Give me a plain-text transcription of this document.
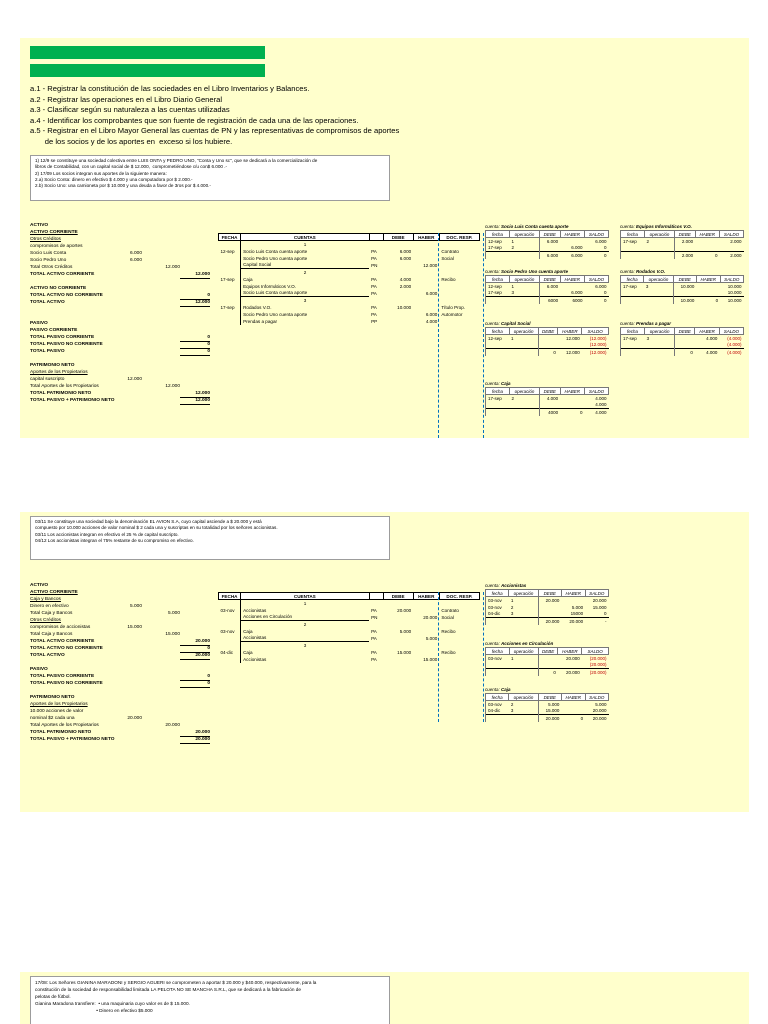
a.1 - Registrar la constitución de las sociedades en el Libro Inventarios y Balances.
a.2 - Registrar las operaciones en el Libro Diario General
a.3 - Clasificar según su naturaleza a las cuentas utilizadas
a.4 - Identificar los comprobantes que son fuente de registración de cada una de las operaciones.
a.5 - Registrar en el Libro Mayor General las cuentas de PN y las representativas de compromisos de aportes
de los socios y de los aportes en  exceso si los hubiere.
1) 12/9 se constituye una sociedad colectiva entre LUIS ONTA y PEDRO UNO, "Conta y Uno sc", que se dedicará a la comercialización de
libros de Contabilidad, con un capital social de $ 12.000,  comprometiéndose c/u con$ 6.000 .-
2) 17/09 Los socios integran sus aportes de la siguiente manera:
2.a) Socio Conta: dinero en efectivo $ 4.000 y una computadora por $ 2.000.-
2.b) Socio Uno: una camioneta por $ 10.000 y una deuda a favor de 3ros por $ 4.000.-
ACTIVO
ACTIVO CORRIENTE
Otros Créditos
compromisos de aportes
Socio Luis Conta	6.000
Socio Pedro Uno	6.000
Total Otros Créditos	12.000
TOTAL ACTIVO CORRIENTE	12.000
ACTIVO NO CORRIENTE
TOTAL ACTIVO NO CORRIENTE	0
TOTAL ACTIVO	12.000
PASIVO
PASIVO CORRIENTE
TOTAL PASIVO CORRIENTE	0
TOTAL PASIVO NO CORRIENTE	0
TOTAL PASIVO	0
PATRIMONIO NETO
Aportes de los Propietarios
capital suscripto	12.000
Total Aportes de los Propietarios	12.000
TOTAL PATRIMONIO NETO	12.000
TOTAL PASIVO + PATRIMONIO NETO	12.000
FECHA	CUENTAS		DEBE	HABER	DOC. RESP.
	1				
12-sep	Socio Luis Conta cuenta aporte	PA	6.000		Contrato
	Socio Pedro Uno cuenta aporte	PA	6.000		Social
	Capital Social	PN		12.000	
	2				
17-sep	Caja	PA	4.000		Recibo
	Equipos Informáticos V.O.	PA	2.000		
	Socio Luis Conta cuenta aporte	PA		6.000	
	3				
17-sep	Rodados V.O.	PA	10.000		Título Prop.
	Socio Pedro Uno cuenta aporte	PA		6.000	Automotor
	Prendas a pagar	PP		4.000	
cuenta: Socio Luis Conta cuenta aporte
fecha	operación	DEBE	HABER	SALDO
12-sep	1	6.000		6.000
17-sep	2		6.000	0
		6.000	6.000	0
cuenta: Equipos Informáticos V.O.
fecha	operación	DEBE	HABER	SALDO
17-sep	2	2.000		2.000

		2.000	0	2.000
cuenta: Socio Pedro Uno cuenta aporte
fecha	operación	DEBE	HABER	SALDO
12-sep	1	6.000		6.000
17-sep	3		6.000	0
		6000	6000	0
cuenta: Rodados V.O.
fecha	operación	DEBE	HABER	SALDO
17-sep	3	10.000		10.000
				10.000
		10.000	0	10.000
cuenta: Capital Social
fecha	operación	DEBE	HABER	SALDO
12-sep	1		12.000	(12.000)
				(12.000)
		0	12.000	(12.000)
cuenta: Prendas a pagar
fecha	operación	DEBE	HABER	SALDO
17-sep	3		4.000	(4.000)
				(4.000)
		0	4.000	(4.000)
cuenta: Caja
fecha	operación	DEBE	HABER	SALDO
17-sep	2	4.000		4.000
				4.000
		4000	0	4.000
03/11 Se constituye una sociedad bajo la denominación EL AVION S.A, cuyo capital asciende a $ 20.000 y está
compuesto por 10.000 acciones de valor nominal $ 2 cada una y suscriptas en su totalidad por los señores accionistas.
03/11 Los accionistas integran en efectivo el 25 % de capital suscripto.
04/12 Los accionistas integran el 75% restante de su compromiso en efectivo.
ACTIVO
ACTIVO CORRIENTE
Caja y Bancos
Dinero en efectivo	5.000
Total Caja y Bancos	5.000
Otros Créditos
compromisos de accionistas	15.000
Total Caja y Bancos	15.000
TOTAL ACTIVO CORRIENTE	20.000
TOTAL ACTIVO NO CORRIENTE	0
TOTAL ACTIVO	20.000
PASIVO
TOTAL PASIVO CORRIENTE	0
TOTAL PASIVO NO CORRIENTE	0
PATRIMONIO NETO
Aportes de los Propietarios
10.000 acciones de valor
nominal $2 cada una	20.000
Total Aportes de los Propietarios	20.000
TOTAL PATRIMONIO NETO	20.000
TOTAL PASIVO + PATRIMONIO NETO	20.000
FECHA	CUENTAS		DEBE	HABER	DOC. RESP.
	1				
03-nov	Accionistas	PA	20.000		Contrato
	Acciones en Circulación	PN		20.000	Social
	2				
03-nov	Caja	PA	5.000		Recibo
	Accionistas	PA		5.000	
	3				
04-dic	Caja	PA	15.000		Recibo
	Accionistas	PA		15.000	
cuenta: Accionistas
fecha	operación	DEBE	HABER	SALDO
03-nov	1	20.000		20.000
03-nov	2		5.000	15.000
04-dic	3		15000	0
		20.000	20.000	-
cuenta: Acciones en Circulación
fecha	operación	DEBE	HABER	SALDO
03-nov	1		20.000	(20.000)
				(20.000)
		0	20.000	(20.000)
cuenta: Caja
fecha	operación	DEBE	HABER	SALDO
03-nov	2	5.000		5.000
04-dic	3	15.000		20.000
		20.000	0	20.000
17/08: Los Señores GIANINA MARADONI y SERGIO AGUERI se comprometen a aportar $ 20.000 y $40.000, respectivamente, para la
constitución de la sociedad de responsabilidad limitada LA PELOTA NO SE MANCHA S.R.L, que se dedicará a la fabricación de
pelotas de fútbol.
Gianina Maradona transfiere:  • una maquinaria cuyo valor es de $ 15.000.
• Dinero en efectivo $5.000
